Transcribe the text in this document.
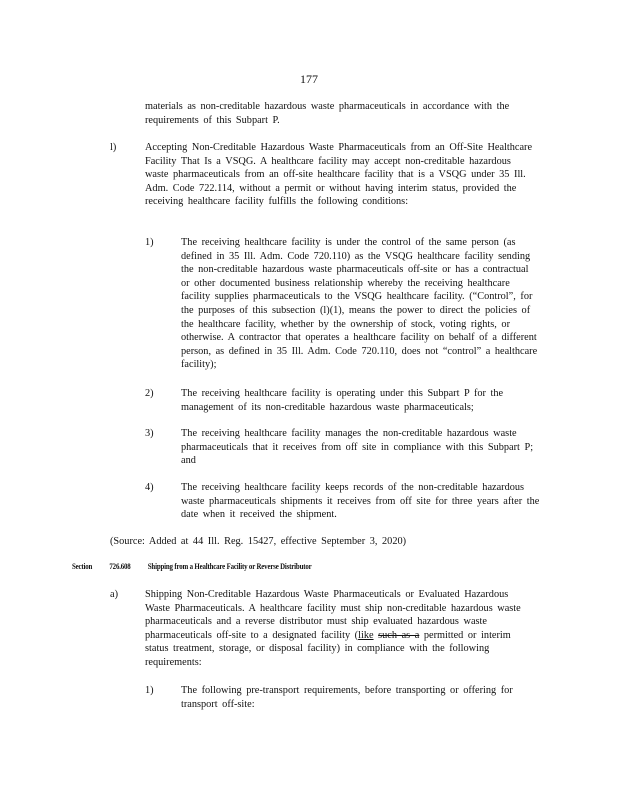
177
materials as non-creditable hazardous waste pharmaceuticals in accordance with the requirements of this Subpart P.
l)	Accepting Non-Creditable Hazardous Waste Pharmaceuticals from an Off-Site Healthcare Facility That Is a VSQG. A healthcare facility may accept non-creditable hazardous waste pharmaceuticals from an off-site healthcare facility that is a VSQG under 35 Ill. Adm. Code 722.114, without a permit or without having interim status, provided the receiving healthcare facility fulfills the following conditions:
1)	The receiving healthcare facility is under the control of the same person (as defined in 35 Ill. Adm. Code 720.110) as the VSQG healthcare facility sending the non-creditable hazardous waste pharmaceuticals off-site or has a contractual or other documented business relationship whereby the receiving healthcare facility supplies pharmaceuticals to the VSQG healthcare facility. (“Control”, for the purposes of this subsection (l)(1), means the power to direct the policies of the healthcare facility, whether by the ownership of stock, voting rights, or otherwise. A contractor that operates a healthcare facility on behalf of a different person, as defined in 35 Ill. Adm. Code 720.110, does not “control” a healthcare facility);
2)	The receiving healthcare facility is operating under this Subpart P for the management of its non-creditable hazardous waste pharmaceuticals;
3)	The receiving healthcare facility manages the non-creditable hazardous waste pharmaceuticals that it receives from off site in compliance with this Subpart P; and
4)	The receiving healthcare facility keeps records of the non-creditable hazardous waste pharmaceuticals shipments it receives from off site for three years after the date when it received the shipment.
(Source: Added at 44 Ill. Reg. 15427, effective September 3, 2020)
Section 726.608 Shipping from a Healthcare Facility or Reverse Distributor
a)	Shipping Non-Creditable Hazardous Waste Pharmaceuticals or Evaluated Hazardous Waste Pharmaceuticals. A healthcare facility must ship non-creditable hazardous waste pharmaceuticals and a reverse distributor must ship evaluated hazardous waste pharmaceuticals off-site to a designated facility (like such as a permitted or interim status treatment, storage, or disposal facility) in compliance with the following requirements:
1)	The following pre-transport requirements, before transporting or offering for transport off-site:
